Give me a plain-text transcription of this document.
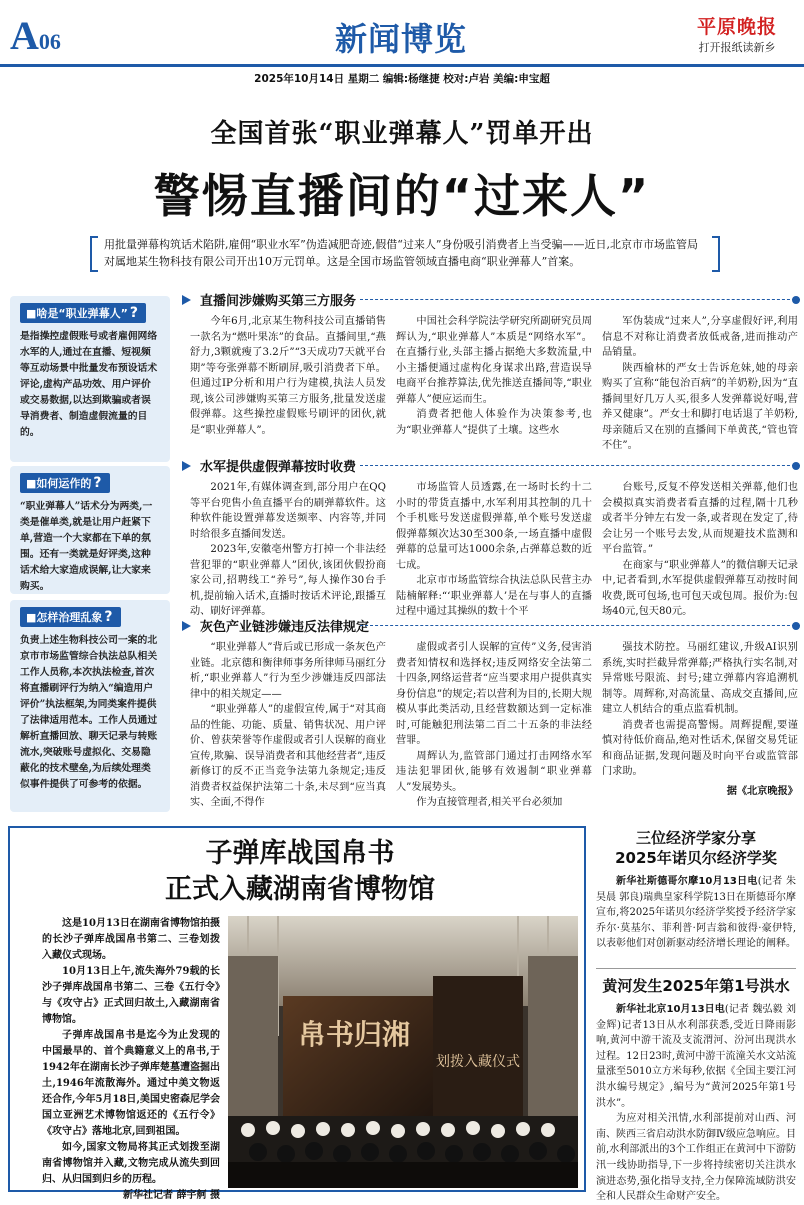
A06	新闻博览	平原晚报
打开报纸读新乡
2025年10月14日 星期二 编辑:杨继捷 校对:卢岩 美编:申宝超
全国首张“职业弹幕人”罚单开出
警惕直播间的“过来人”
用批量弹幕构筑话术陷阱,雇佣“职业水军”伪造减肥奇迹,假借“过来人”身份吸引消费者上当受骗——近日,北京市市场监管局对属地某生物科技有限公司开出10万元罚单。这是全国市场监管领域直播电商“职业弹幕人”首案。
■啥是“职业弹幕人” ?
是指操控虚假账号或者雇佣网络水军的人,通过在直播、短视频等互动场景中批量发布预设话术评论,虚构产品功效、用户评价或交易数据,以达到欺骗或者误导消费者、制造虚假流量的目的。
■如何运作的 ?
“职业弹幕人”话术分为两类,一类是催单类,就是让用户赶紧下单,营造一个大家都在下单的氛围。还有一类就是好评类,这种话术给大家造成误解,让大家来购买。
■怎样治理乱象 ?
负责上述生物科技公司一案的北京市市场监管综合执法总队相关工作人员称,本次执法检查,首次将直播刷评行为纳入“编造用户评价”执法框架,为同类案件提供了法律适用范本。工作人员通过解析直播回放、聊天记录与转账流水,突破账号虚拟化、交易隐蔽化的技术壁垒,为后续处理类似事件提供了可参考的依据。
直播间涉嫌购买第三方服务

今年6月,北京某生物科技公司直播销售一款名为“燃叶果冻”的食品。直播间里,“燕舒力,3颗就瘦了3.2斤”“3天成功7天就平台期”等夸张弹幕不断刷屏,吸引消费者下单。但通过IP分析和用户行为建模,执法人员发现,该公司涉嫌购买第三方服务,批量发送虚假弹幕。这些操控虚假账号刷评的团伙,就是“职业弹幕人”。

中国社会科学院法学研究所副研究员周辉认为,“职业弹幕人”本质是“网络水军”。在直播行业,头部主播占据绝大多数流量,中小主播便通过虚构化身谋求出路,营造误导电商平台推荐算法,优先推送直播间等,“职业弹幕人”便应运而生。

消费者把他人体验作为决策参考,也为“职业弹幕人”提供了土壤。这些水

军伪装成“过来人”,分享虚假好评,利用信息不对称让消费者放低戒备,进而推动产品销量。

陕西榆林的严女士告诉危妹,她的母亲购买了宣称“能包治百病”的羊奶粉,因为“直播间里好几万人买,很多人发弹幕说好喝,营养又健康”。严女士和脚打电话退了羊奶粉,母亲随后又在别的直播间下单黄芪,“管也管不住”。

水军提供虚假弹幕按时收费

2021年,有媒体调查到,部分用户在QQ等平台兜售小鱼直播平台的刷弹幕软件。这种软件能设置弹幕发送频率、内容等,并同时给很多直播间发送。

2023年,安徽亳州警方打掉一个非法经营犯罪的“职业弹幕人”团伙,该团伙假扮商家公司,招聘线工“养号”,每人操作30台手机,提前输入话术,直播时按话术评论,跟播互动、刷好评弹幕。

市场监管人员透露,在一场时长约十二小时的带货直播中,水军利用其控制的几十个手机账号发送虚假弹幕,单个账号发送虚假弹幕频次达30至300条,一场直播中虚假弹幕的总量可达1000余条,占弹幕总数的近七成。

北京市市场监管综合执法总队民营主办陆楠解释:“‘职业弹幕人’是在与事人的直播过程中通过其操纵的数十个平

台账号,反复不停发送相关弹幕,他们也会模拟真实消费者看直播的过程,隔十几秒或者半分钟左右发一条,或者现在发定了,待会让另一个账号去发,从而规避技术监测和平台监管。”

在商家与“职业弹幕人”的微信聊天记录中,记者看到,水军提供虚假弹幕互动按时间收费,既可包场,也可包天或包周。报价为:包场40元,包天80元。

灰色产业链涉嫌违反法律规定

“职业弹幕人”背后或已形成一条灰色产业链。北京德和衡律师事务所律师马丽红分析,“职业弹幕人”行为至少涉嫌违反四部法律中的相关规定——

“职业弹幕人”的虚假宣传,属于“对其商品的性能、功能、质量、销售状况、用户评价、曾获荣誉等作虚假或者引人误解的商业宣传,欺骗、误导消费者和其他经营者”,违反新修订的反不正当竞争法第九条规定;违反消费者权益保护法第二十条,未尽到“应当真实、全面,不得作

虚假或者引人误解的宣传”义务,侵害消费者知情权和选择权;违反网络安全法第二十四条,网络运营者“应当要求用户提供真实身份信息”的规定;若以营利为目的,长期大规模从事此类活动,且经营数额达到一定标准时,可能触犯刑法第二百二十五条的非法经营罪。

周辉认为,监管部门通过打击网络水军违法犯罪团伙,能够有效遏制“职业弹幕人”发展势头。

作为直接管理者,相关平台必须加

强技术防控。马丽红建议,升级AI识别系统,实时拦截异常弹幕;严格执行实名制,对异常账号限流、封号;建立弹幕内容追溯机制等。周辉称,对高流量、高成交直播间,应建立人机结合的重点监看机制。

消费者也需提高警惕。周辉提醒,要谨慎对待低价商品,绝对性话术,保留交易凭证和商品证据,发现问题及时向平台或监管部门求助。

据《北京晚报》

子弹库战国帛书
正式入藏湖南省博物馆

这是10月13日在湖南省博物馆拍摄的长沙子弹库战国帛书第二、三卷划拨入藏仪式现场。

10月13日上午,流失海外79载的长沙子弹库战国帛书第二、三卷《五行令》与《攻守占》正式回归故土,入藏湖南省博物馆。

子弹库战国帛书是迄今为止发现的中国最早的、首个典籍意义上的帛书,于1942年在湖南长沙子弹库楚墓遭盗掘出土,1946年流散海外。通过中美文物返还合作,今年5月18日,美国史密森尼学会国立亚洲艺术博物馆返还的《五行令》《攻守占》落地北京,回到祖国。

如今,国家文物局将其正式划拨至湖南省博物馆并入藏,文物完成从流失到回归、从归国到归乡的历程。

新华社记者 薛宇舸 摄

帛书归湘
划拨入藏仪式
三位经济学家分享
2025年诺贝尔经济学奖

新华社斯德哥尔摩10月13日电(记者 朱昊晨 郭良)瑞典皇家科学院13日在斯德哥尔摩宣布,将2025年诺贝尔经济学奖授予经济学家乔尔·莫基尔、菲利普·阿吉翁和彼得·豪伊特,以表彰他们对创新驱动经济增长理论的阐释。

黄河发生2025年第1号洪水

新华社北京10月13日电(记者 魏弘毅 刘金辉)记者13日从水利部获悉,受近日降雨影响,黄河中游干流及支流渭河、汾河出现洪水过程。12日23时,黄河中游干流潼关水文站流量涨至5010立方米每秒,依据《全国主要江河洪水编号规定》,编号为“黄河2025年第1号洪水”。

为应对相关汛情,水利部提前对山西、河南、陕西三省启动洪水防御Ⅳ级应急响应。目前,水利部派出的3个工作组正在黄河中下游防汛一线协助指导,下一步将持续密切关注洪水演进态势,强化指导支持,全力保障流域防洪安全和人民群众生命财产安全。
